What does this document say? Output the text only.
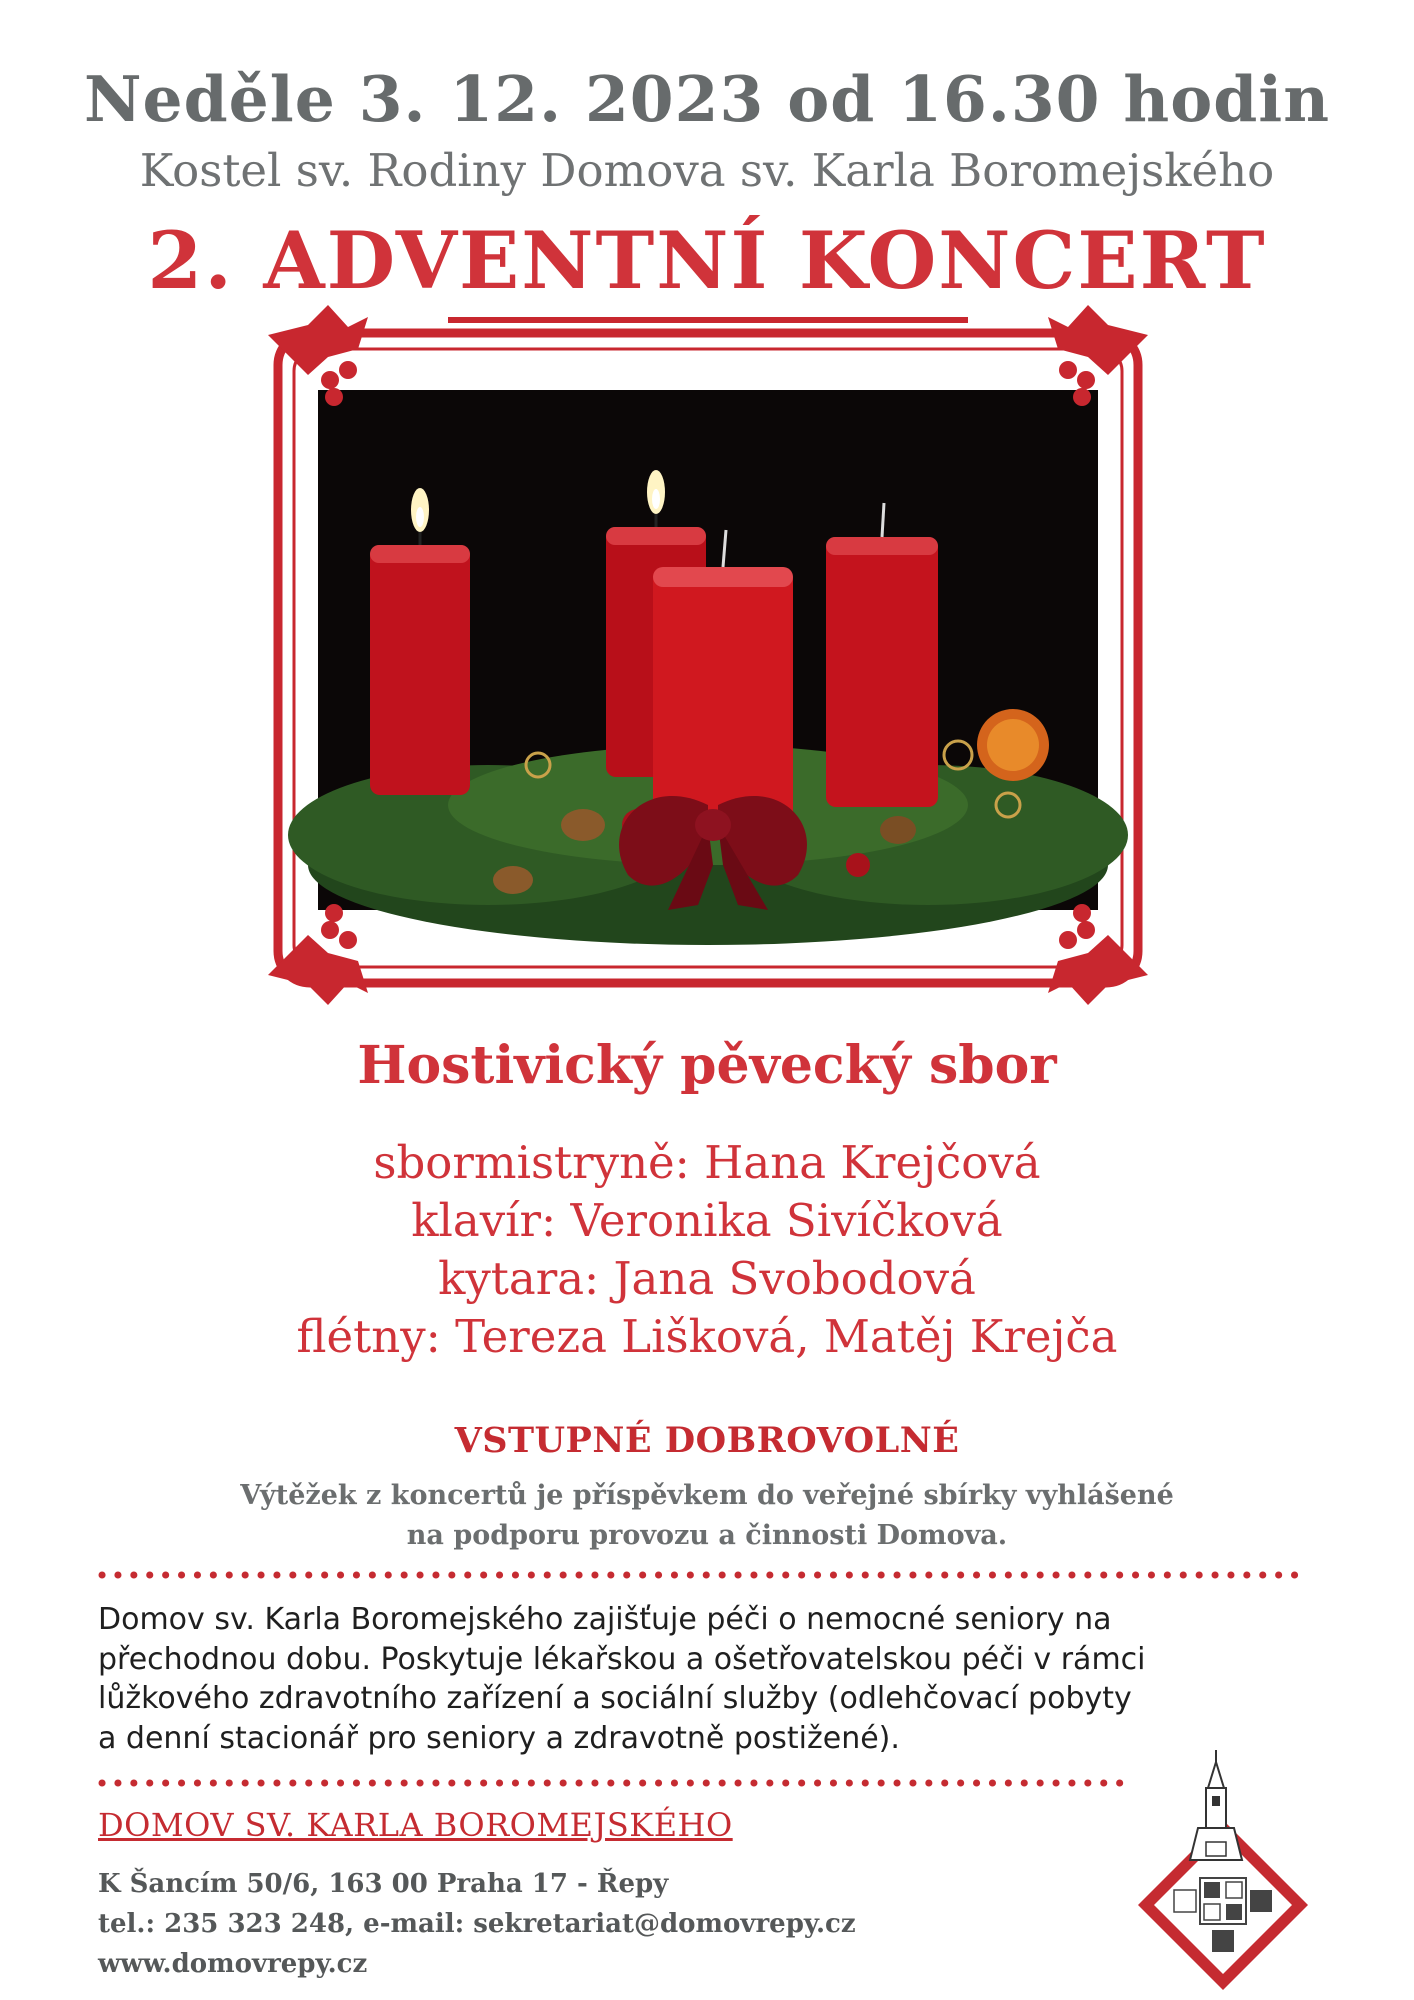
Neděle 3. 12. 2023 od 16.30 hodin
Kostel sv. Rodiny Domova sv. Karla Boromejského
2. ADVENTNÍ KONCERT
Hostivický pěvecký sbor
sbormistryně: Hana Krejčová
klavír: Veronika Sivíčková
kytara: Jana Svobodová
flétny: Tereza Lišková, Matěj Krejča
VSTUPNÉ DOBROVOLNÉ
Výtěžek z koncertů je příspěvkem do veřejné sbírky vyhlášené
na podporu provozu a činnosti Domova.
Domov sv. Karla Boromejského zajišťuje péči o nemocné seniory na
přechodnou dobu. Poskytuje lékařskou a ošetřovatelskou péči v rámci
lůžkového zdravotního zařízení a sociální služby (odlehčovací pobyty
a denní stacionář pro seniory a zdravotně postižené).
DOMOV SV. KARLA BOROMEJSKÉHO
K Šancím 50/6, 163 00 Praha 17 - Řepy
tel.: 235 323 248, e-mail: sekretariat@domovrepy.cz
www.domovrepy.cz
